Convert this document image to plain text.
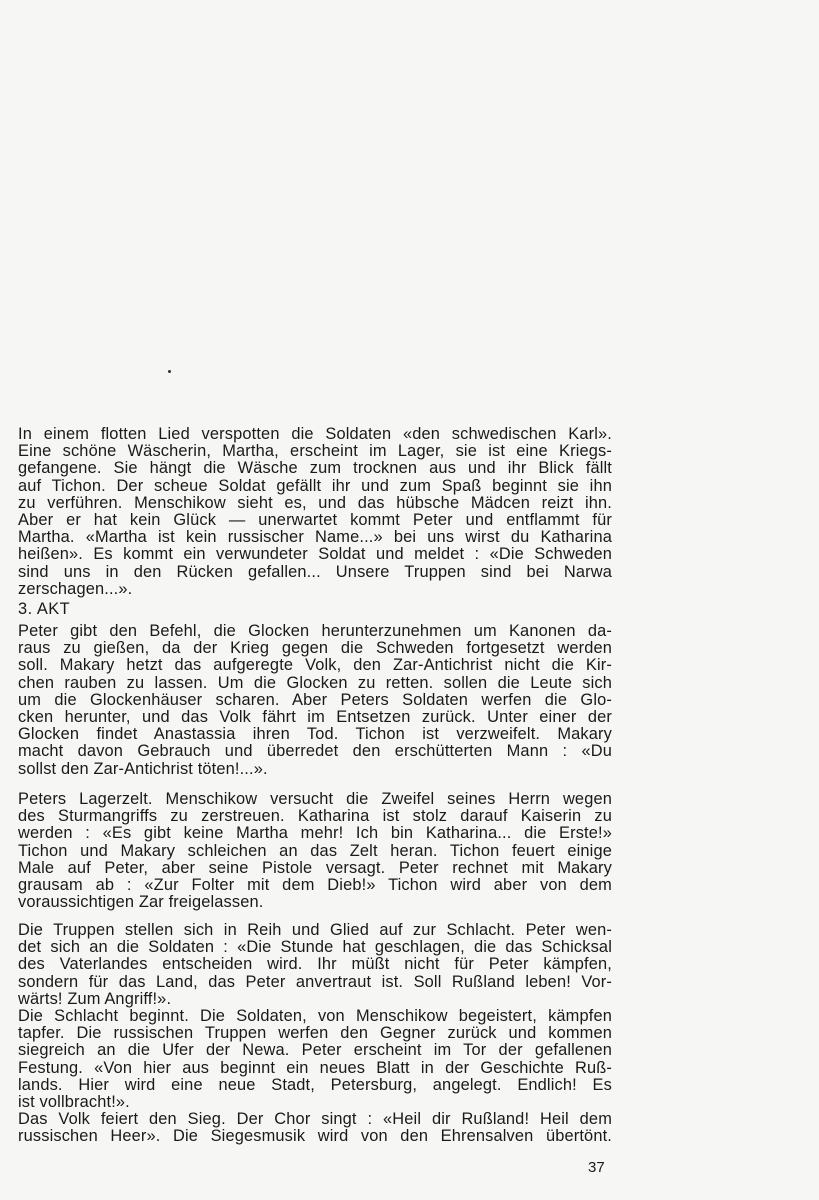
In einem flotten Lied verspotten die Soldaten «den schwedischen Karl».
Eine schöne Wäscherin, Martha, erscheint im Lager, sie ist eine Kriegs-
gefangene. Sie hängt die Wäsche zum trocknen aus und ihr Blick fällt
auf Tichon. Der scheue Soldat gefällt ihr und zum Spaß beginnt sie ihn
zu verführen. Menschikow sieht es, und das hübsche Mädcen reizt ihn.
Aber er hat kein Glück — unerwartet kommt Peter und entflammt für
Martha. «Martha ist kein russischer Name...» bei uns wirst du Katharina
heißen». Es kommt ein verwundeter Soldat und meldet : «Die Schweden
sind uns in den Rücken gefallen... Unsere Truppen sind bei Narwa
zerschagen...».
3. AKT
Peter gibt den Befehl, die Glocken herunterzunehmen um Kanonen da-
raus zu gießen, da der Krieg gegen die Schweden fortgesetzt werden
soll. Makary hetzt das aufgeregte Volk, den Zar-Antichrist nicht die Kir-
chen rauben zu lassen. Um die Glocken zu retten. sollen die Leute sich
um die Glockenhäuser scharen. Aber Peters Soldaten werfen die Glo-
cken herunter, und das Volk fährt im Entsetzen zurück. Unter einer der
Glocken findet Anastassia ihren Tod. Tichon ist verzweifelt. Makary
macht davon Gebrauch und überredet den erschütterten Mann : «Du
sollst den Zar-Antichrist töten!...».
Peters Lagerzelt. Menschikow versucht die Zweifel seines Herrn wegen
des Sturmangriffs zu zerstreuen. Katharina ist stolz darauf Kaiserin zu
werden : «Es gibt keine Martha mehr! Ich bin Katharina... die Erste!»
Tichon und Makary schleichen an das Zelt heran. Tichon feuert einige
Male auf Peter, aber seine Pistole versagt. Peter rechnet mit Makary
grausam ab : «Zur Folter mit dem Dieb!» Tichon wird aber von dem
voraussichtigen Zar freigelassen.
Die Truppen stellen sich in Reih und Glied auf zur Schlacht. Peter wen-
det sich an die Soldaten : «Die Stunde hat geschlagen, die das Schicksal
des Vaterlandes entscheiden wird. Ihr müßt nicht für Peter kämpfen,
sondern für das Land, das Peter anvertraut ist. Soll Rußland leben! Vor-
wärts! Zum Angriff!».
Die Schlacht beginnt. Die Soldaten, von Menschikow begeistert, kämpfen
tapfer. Die russischen Truppen werfen den Gegner zurück und kommen
siegreich an die Ufer der Newa. Peter erscheint im Tor der gefallenen
Festung. «Von hier aus beginnt ein neues Blatt in der Geschichte Ruß-
lands. Hier wird eine neue Stadt, Petersburg, angelegt. Endlich! Es
ist vollbracht!».
Das Volk feiert den Sieg. Der Chor singt : «Heil dir Rußland! Heil dem
russischen Heer». Die Siegesmusik wird von den Ehrensalven übertönt.
37
